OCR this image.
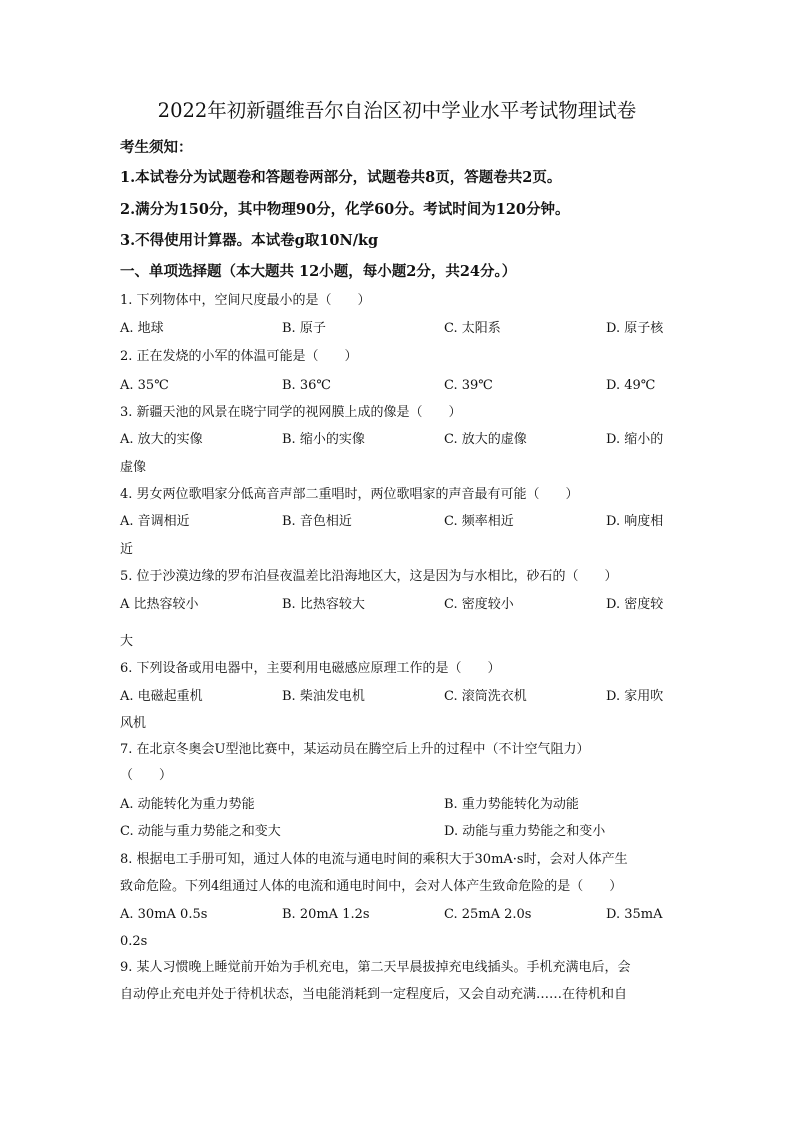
2022年初新疆维吾尔自治区初中学业水平考试物理试卷
考生须知：
1.本试卷分为试题卷和答题卷两部分，试题卷共8页，答题卷共2页。
2.满分为150分，其中物理90分，化学60分。考试时间为120分钟。
3.不得使用计算器。本试卷g取10N/kg
一、单项选择题（本大题共 12小题，每小题2分，共24分。）
1. 下列物体中，空间尺度最小的是（　　）
A. 地球	B. 原子	C. 太阳系	D. 原子核
2. 正在发烧的小军的体温可能是（　　）
A. 35℃	B. 36℃	C. 39℃	D. 49℃
3. 新疆天池的风景在晓宁同学的视网膜上成的像是（　　）
A. 放大的实像	B. 缩小的实像	C. 放大的虚像	D. 缩小的
虚像
4. 男女两位歌唱家分低高音声部二重唱时，两位歌唱家的声音最有可能（　　）
A. 音调相近	B. 音色相近	C. 频率相近	D. 响度相
近
5. 位于沙漠边缘的罗布泊昼夜温差比沿海地区大，这是因为与水相比，砂石的（　　）
A 比热容较小	B. 比热容较大	C. 密度较小	D. 密度较
大
6. 下列设备或用电器中，主要利用电磁感应原理工作的是（　　）
A. 电磁起重机	B. 柴油发电机	C. 滚筒洗衣机	D. 家用吹
风机
7. 在北京冬奥会U型池比赛中，某运动员在腾空后上升的过程中（不计空气阻力）
（　　）
A. 动能转化为重力势能	B. 重力势能转化为动能
C. 动能与重力势能之和变大	D. 动能与重力势能之和变小
8. 根据电工手册可知，通过人体的电流与通电时间的乘积大于30mA·s时，会对人体产生
致命危险。下列4组通过人体的电流和通电时间中，会对人体产生致命危险的是（　　）
A. 30mA 0.5s	B. 20mA 1.2s	C. 25mA 2.0s	D. 35mA
0.2s
9. 某人习惯晚上睡觉前开始为手机充电，第二天早晨拔掉充电线插头。手机充满电后，会
自动停止充电并处于待机状态，当电能消耗到一定程度后，又会自动充满……在待机和自
